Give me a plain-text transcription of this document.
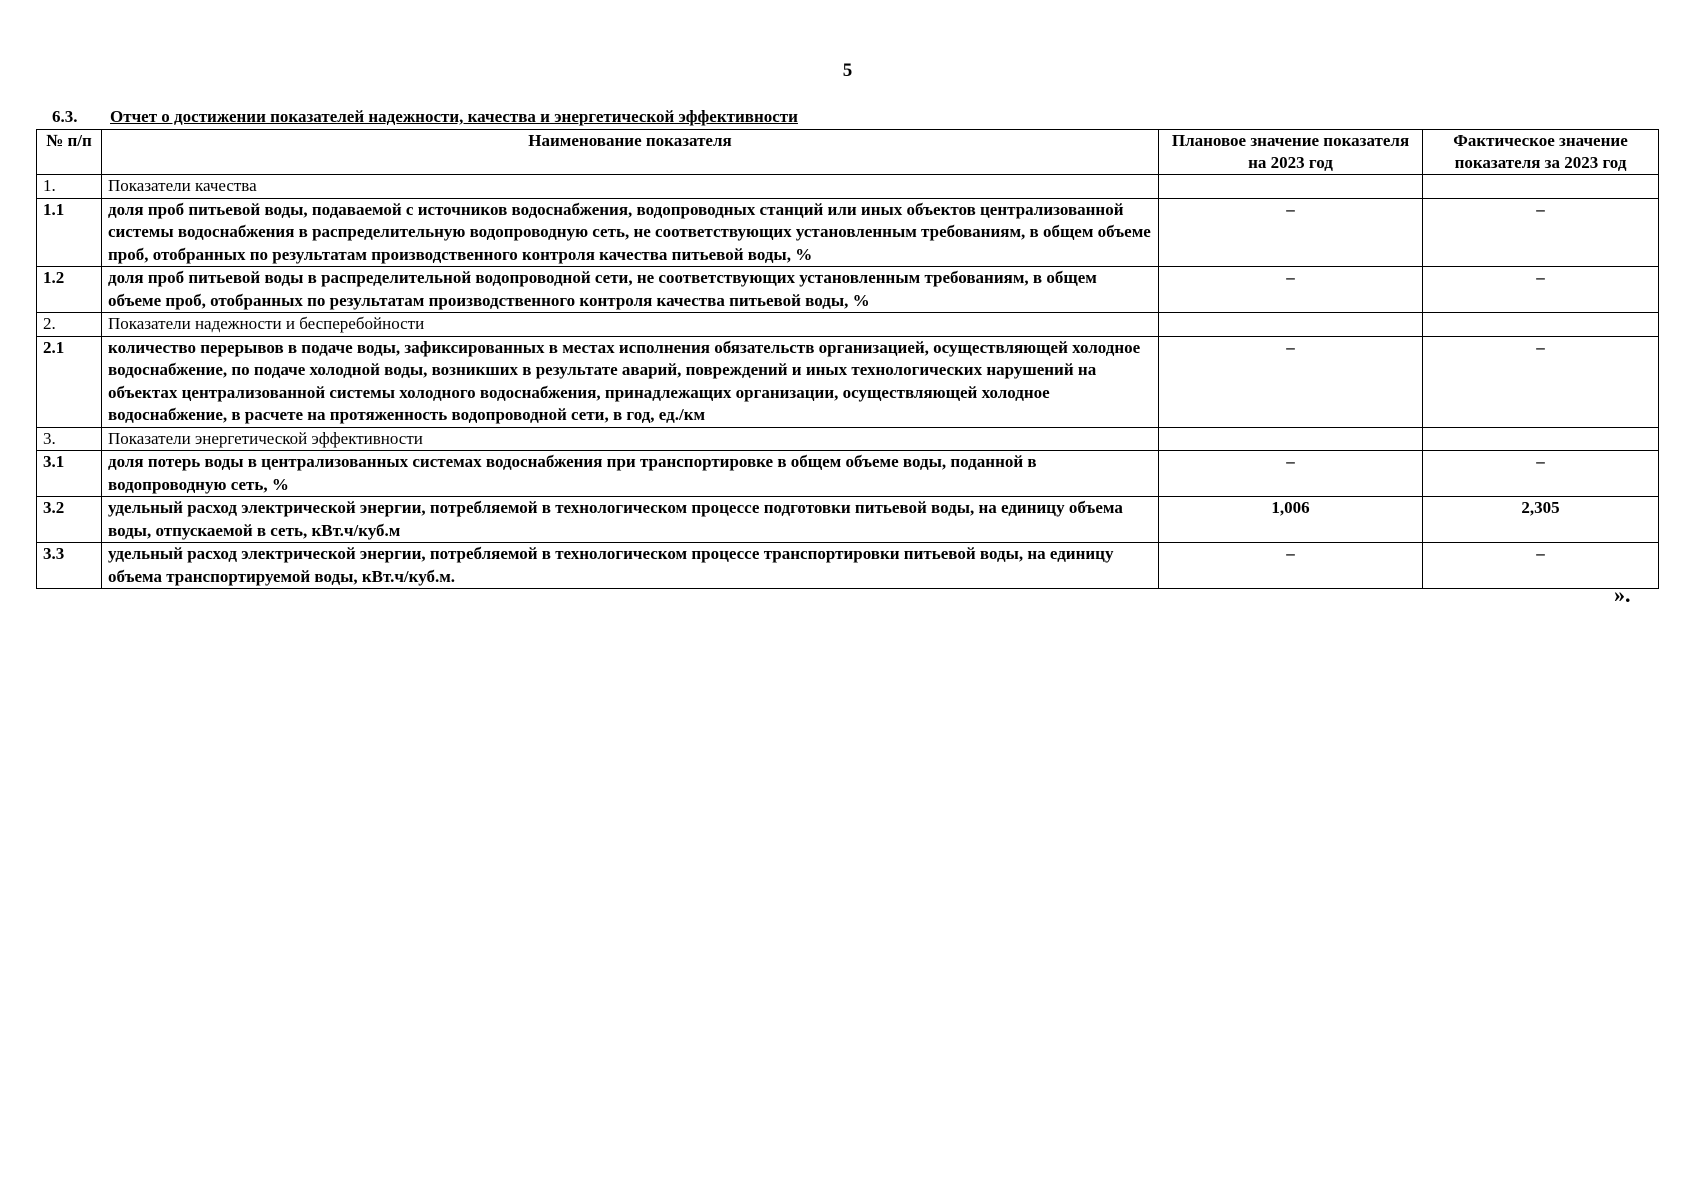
5
6.3. Отчет о достижении показателей надежности, качества и энергетической эффективности
№ п/п	Наименование показателя	Плановое значение показателя на 2023 год	Фактическое значение показателя за 2023 год
1.	Показатели качества		
1.1	доля проб питьевой воды, подаваемой с источников водоснабжения, водопроводных станций или иных объектов централизованной системы водоснабжения в распределительную водопроводную сеть, не соответствующих установленным требованиям, в общем объеме проб, отобранных по результатам производственного контроля качества питьевой воды, %	–	–
1.2	доля проб питьевой воды в распределительной водопроводной сети, не соответствующих установленным требованиям, в общем объеме проб, отобранных по результатам производственного контроля качества питьевой воды, %	–	–
2.	Показатели надежности и бесперебойности		
2.1	количество перерывов в подаче воды, зафиксированных в местах исполнения обязательств организацией, осуществляющей холодное водоснабжение, по подаче холодной воды, возникших в результате аварий, повреждений и иных технологических нарушений на объектах централизованной системы холодного водоснабжения, принадлежащих организации, осуществляющей холодное водоснабжение, в расчете на протяженность водопроводной сети, в год, ед./км	–	–
3.	Показатели энергетической эффективности		
3.1	доля потерь воды в централизованных системах водоснабжения при транспортировке в общем объеме воды, поданной в водопроводную сеть, %	–	–
3.2	удельный расход электрической энергии, потребляемой в технологическом процессе подготовки питьевой воды, на единицу объема воды, отпускаемой в сеть, кВт.ч/куб.м	1,006	2,305
3.3	удельный расход электрической энергии, потребляемой в технологическом процессе транспортировки питьевой воды, на единицу объема транспортируемой воды, кВт.ч/куб.м.	–	–
».
